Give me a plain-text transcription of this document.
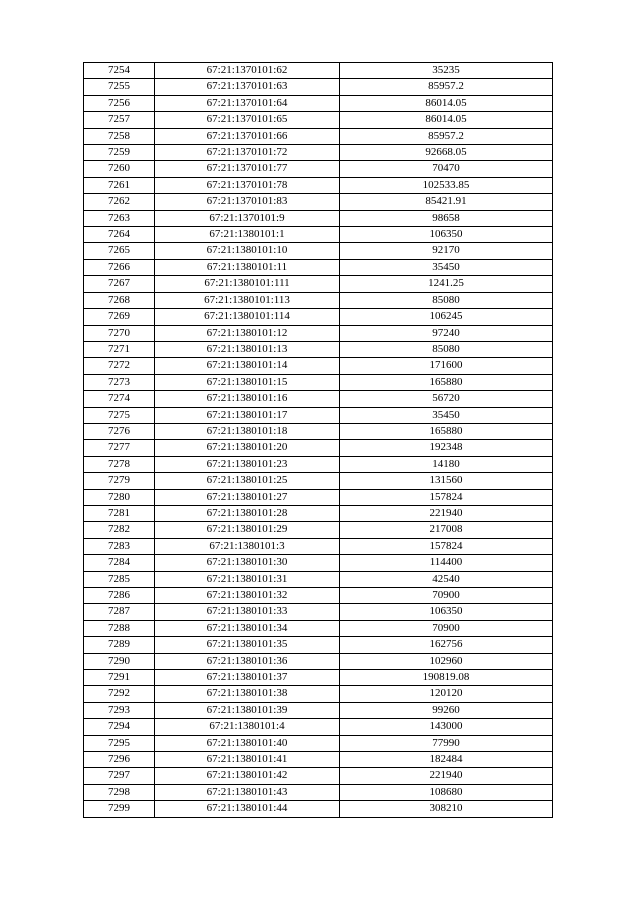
7254	67:21:1370101:62	35235
7255	67:21:1370101:63	85957.2
7256	67:21:1370101:64	86014.05
7257	67:21:1370101:65	86014.05
7258	67:21:1370101:66	85957.2
7259	67:21:1370101:72	92668.05
7260	67:21:1370101:77	70470
7261	67:21:1370101:78	102533.85
7262	67:21:1370101:83	85421.91
7263	67:21:1370101:9	98658
7264	67:21:1380101:1	106350
7265	67:21:1380101:10	92170
7266	67:21:1380101:11	35450
7267	67:21:1380101:111	1241.25
7268	67:21:1380101:113	85080
7269	67:21:1380101:114	106245
7270	67:21:1380101:12	97240
7271	67:21:1380101:13	85080
7272	67:21:1380101:14	171600
7273	67:21:1380101:15	165880
7274	67:21:1380101:16	56720
7275	67:21:1380101:17	35450
7276	67:21:1380101:18	165880
7277	67:21:1380101:20	192348
7278	67:21:1380101:23	14180
7279	67:21:1380101:25	131560
7280	67:21:1380101:27	157824
7281	67:21:1380101:28	221940
7282	67:21:1380101:29	217008
7283	67:21:1380101:3	157824
7284	67:21:1380101:30	114400
7285	67:21:1380101:31	42540
7286	67:21:1380101:32	70900
7287	67:21:1380101:33	106350
7288	67:21:1380101:34	70900
7289	67:21:1380101:35	162756
7290	67:21:1380101:36	102960
7291	67:21:1380101:37	190819.08
7292	67:21:1380101:38	120120
7293	67:21:1380101:39	99260
7294	67:21:1380101:4	143000
7295	67:21:1380101:40	77990
7296	67:21:1380101:41	182484
7297	67:21:1380101:42	221940
7298	67:21:1380101:43	108680
7299	67:21:1380101:44	308210
